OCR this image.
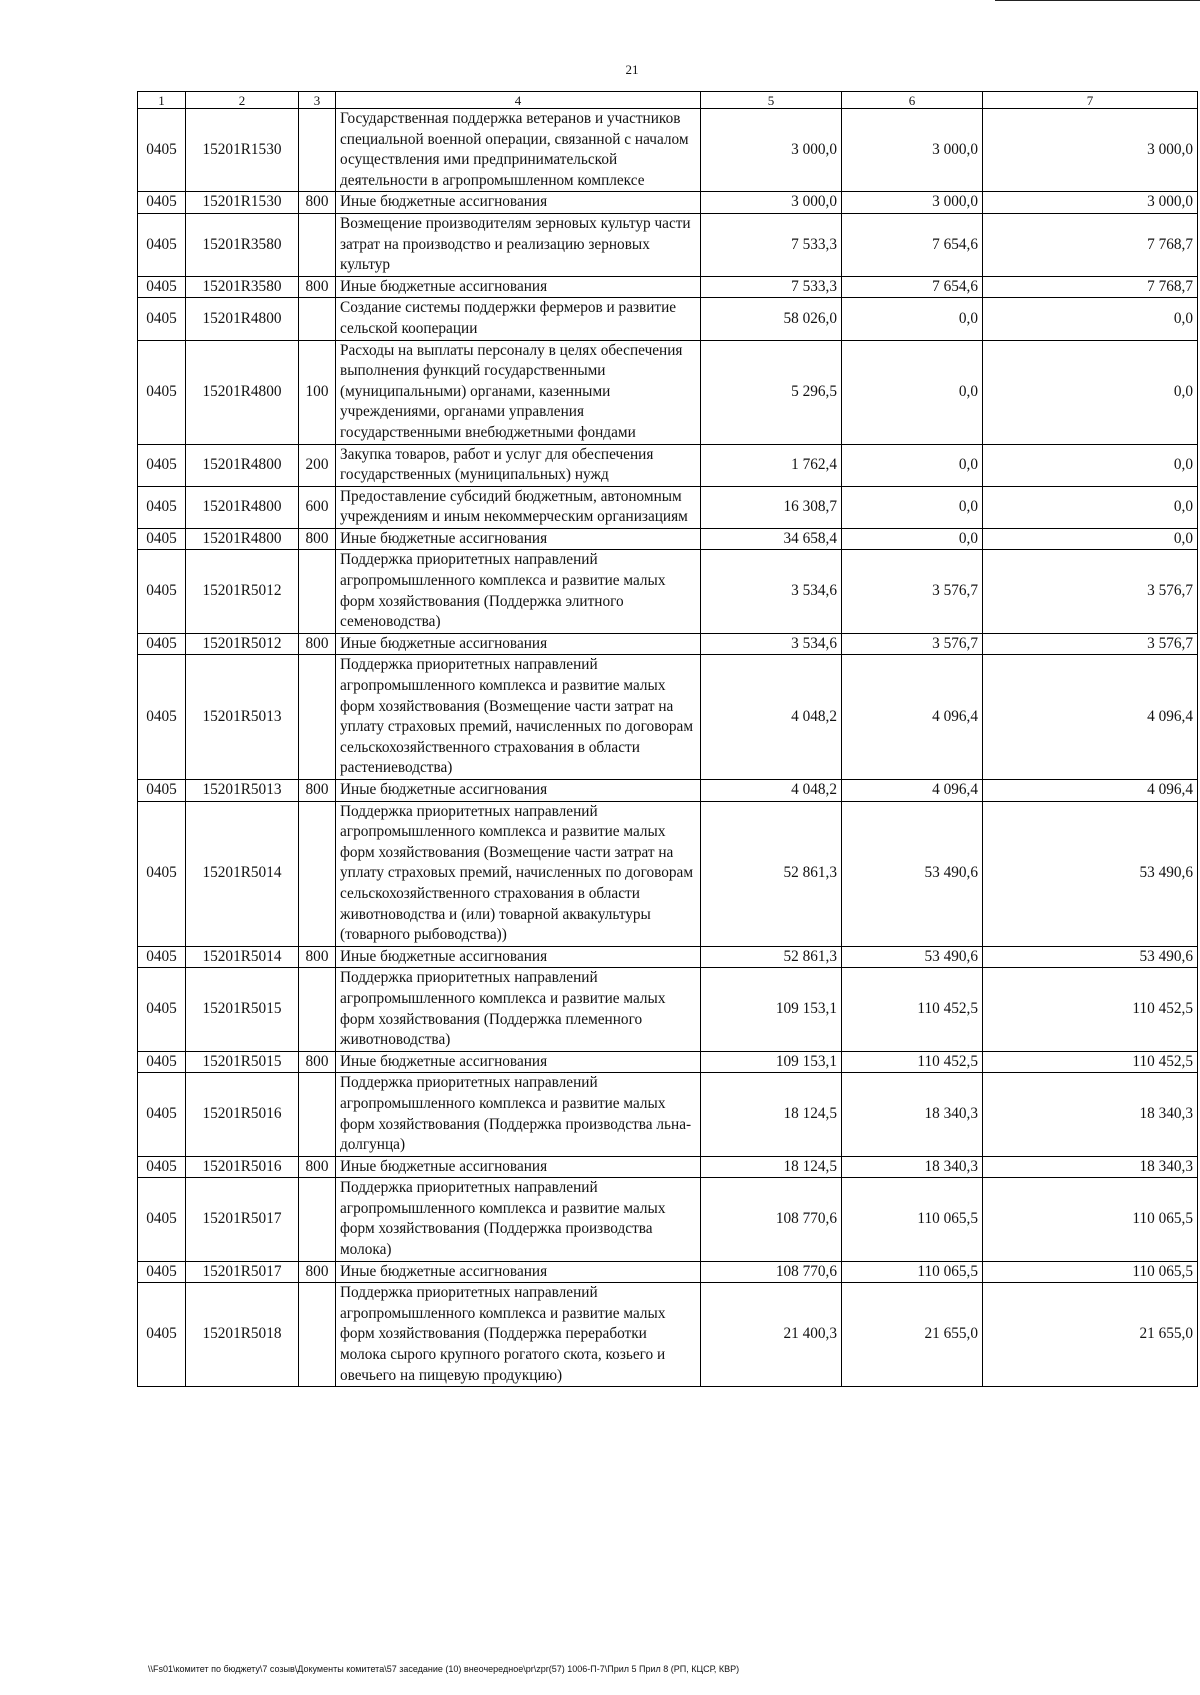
21
1	2	3	4	5	6	7
0405	15201R1530		Государственная поддержка ветеранов и участников специальной военной операции, связанной с началом осуществления ими предпринимательской деятельности в агропромышленном комплексе	3 000,0	3 000,0	3 000,0
0405	15201R1530	800	Иные бюджетные ассигнования	3 000,0	3 000,0	3 000,0
0405	15201R3580		Возмещение производителям зерновых культур части затрат на производство и реализацию зерновых культур	7 533,3	7 654,6	7 768,7
0405	15201R3580	800	Иные бюджетные ассигнования	7 533,3	7 654,6	7 768,7
0405	15201R4800		Создание системы поддержки фермеров и развитие сельской кооперации	58 026,0	0,0	0,0
0405	15201R4800	100	Расходы на выплаты персоналу в целях обеспечения выполнения функций государственными (муниципальными) органами, казенными учреждениями, органами управления государственными внебюджетными фондами	5 296,5	0,0	0,0
0405	15201R4800	200	Закупка товаров, работ и услуг для обеспечения государственных (муниципальных) нужд	1 762,4	0,0	0,0
0405	15201R4800	600	Предоставление субсидий бюджетным, автономным учреждениям и иным некоммерческим организациям	16 308,7	0,0	0,0
0405	15201R4800	800	Иные бюджетные ассигнования	34 658,4	0,0	0,0
0405	15201R5012		Поддержка приоритетных направлений агропромышленного комплекса и развитие малых форм хозяйствования (Поддержка элитного семеноводства)	3 534,6	3 576,7	3 576,7
0405	15201R5012	800	Иные бюджетные ассигнования	3 534,6	3 576,7	3 576,7
0405	15201R5013		Поддержка приоритетных направлений агропромышленного комплекса и развитие малых форм хозяйствования (Возмещение части затрат на уплату страховых премий, начисленных по договорам сельскохозяйственного страхования в области растениеводства)	4 048,2	4 096,4	4 096,4
0405	15201R5013	800	Иные бюджетные ассигнования	4 048,2	4 096,4	4 096,4
0405	15201R5014		Поддержка приоритетных направлений агропромышленного комплекса и развитие малых форм хозяйствования (Возмещение части затрат на уплату страховых премий, начисленных по договорам сельскохозяйственного страхования в области животноводства и (или) товарной аквакультуры (товарного рыбоводства))	52 861,3	53 490,6	53 490,6
0405	15201R5014	800	Иные бюджетные ассигнования	52 861,3	53 490,6	53 490,6
0405	15201R5015		Поддержка приоритетных направлений агропромышленного комплекса и развитие малых форм хозяйствования (Поддержка племенного животноводства)	109 153,1	110 452,5	110 452,5
0405	15201R5015	800	Иные бюджетные ассигнования	109 153,1	110 452,5	110 452,5
0405	15201R5016		Поддержка приоритетных направлений агропромышленного комплекса и развитие малых форм хозяйствования (Поддержка производства льна-долгунца)	18 124,5	18 340,3	18 340,3
0405	15201R5016	800	Иные бюджетные ассигнования	18 124,5	18 340,3	18 340,3
0405	15201R5017		Поддержка приоритетных направлений агропромышленного комплекса и развитие малых форм хозяйствования (Поддержка производства молока)	108 770,6	110 065,5	110 065,5
0405	15201R5017	800	Иные бюджетные ассигнования	108 770,6	110 065,5	110 065,5
0405	15201R5018		Поддержка приоритетных направлений агропромышленного комплекса и развитие малых форм хозяйствования (Поддержка переработки молока сырого крупного рогатого скота, козьего и овечьего на пищевую продукцию)	21 400,3	21 655,0	21 655,0
\\Fs01\комитет по бюджету\7 созыв\Документы комитета\57 заседание (10) внеочередное\pr\zpr(57) 1006-П-7\Прил 5 Прил 8 (РП, КЦСР, КВР)
